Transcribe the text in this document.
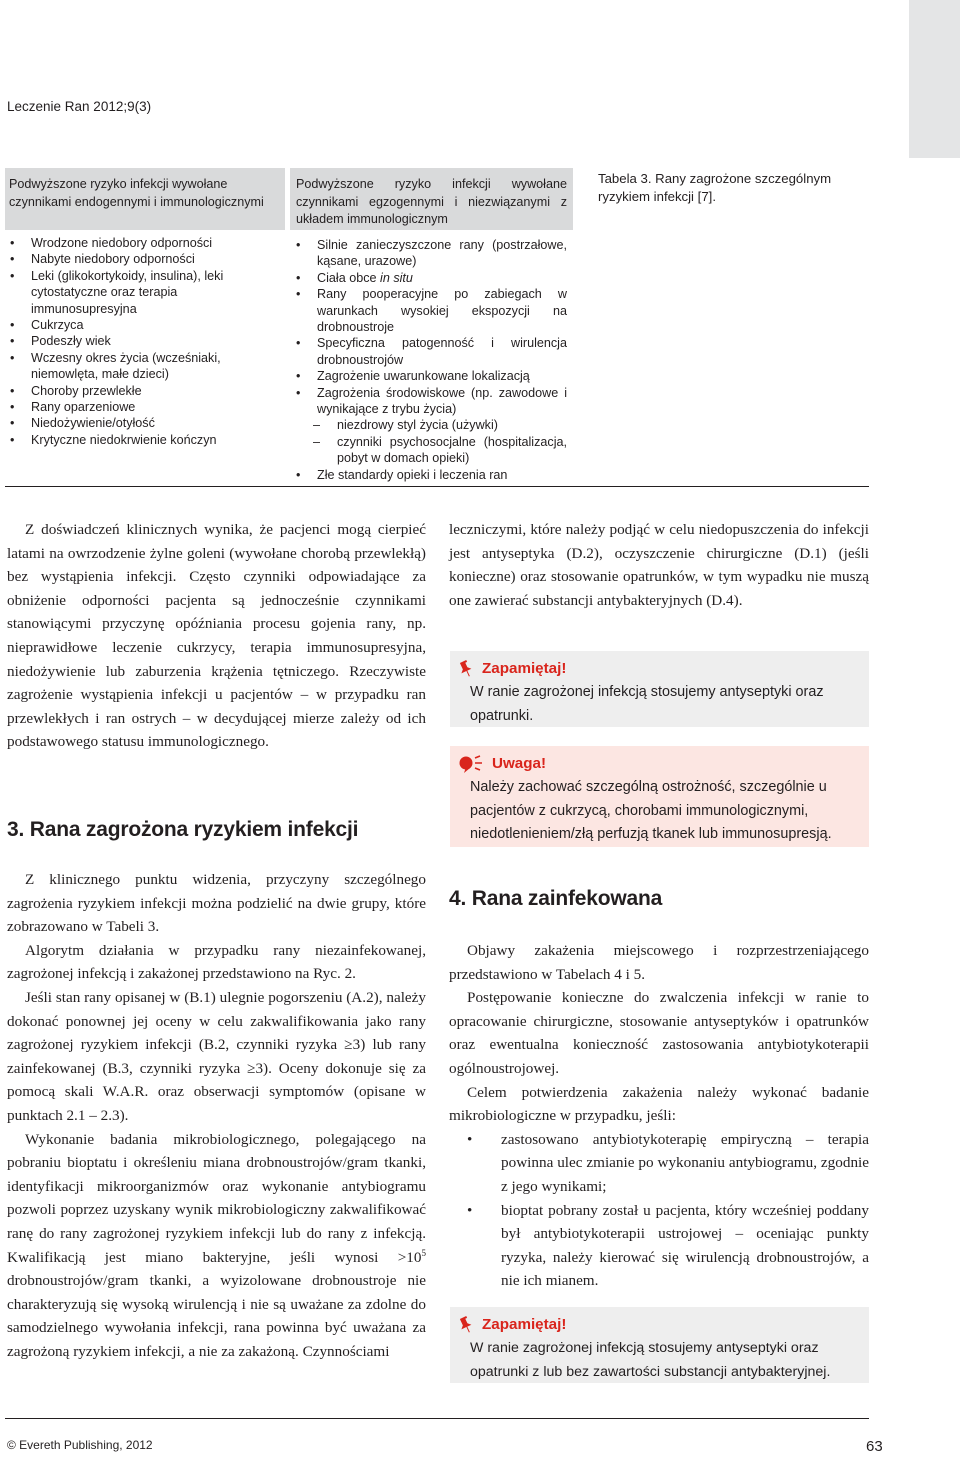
Leczenie Ran 2012;9(3)
Podwyższone ryzyko infekcji wywołane czynnikami endogennymi i immunologicznymi
Podwyższone ryzyko infekcji wywołane czynnikami egzogennymi i niezwiązanymi z układem immunologicznym
Tabela 3. Rany zagrożone szczególnym ryzykiem infekcji [7].
• Wrodzone niedobory odporności
• Nabyte niedobory odporności
• Leki (glikokortykoidy, insulina), leki cytostatyczne oraz terapia immunosupresyjna
• Cukrzyca
• Podeszły wiek
• Wczesny okres życia (wcześniaki, niemowlęta, małe dzieci)
• Choroby przewlekłe
• Rany oparzeniowe
• Niedożywienie/otyłość
• Krytyczne niedokrwienie kończyn
• Silnie zanieczyszczone rany (postrzałowe, kąsane, urazowe)
• Ciała obce in situ
• Rany pooperacyjne po zabiegach w warunkach wysokiej ekspozycji na drobnoustroje
• Specyficzna patogenność i wirulencja drobnoustrojów
• Zagrożenie uwarunkowane lokalizacją
• Zagrożenia środowiskowe (np. zawodowe i wynikające z trybu życia)
– niezdrowy styl życia (używki)
– czynniki psychosocjalne (hospitalizacja, pobyt w domach opieki)
• Złe standardy opieki i leczenia ran

Z doświadczeń klinicznych wynika, że pacjenci mogą cierpieć latami na owrzodzenie żylne goleni (wywołane chorobą przewlekłą) bez wystąpienia infekcji. Często czynniki odpowiadające za obniżenie odporności pacjenta są jednocześnie czynnikami stanowiącymi przyczynę opóźniania procesu gojenia rany, np. nieprawidłowe leczenie cukrzycy, terapia immunosupresyjna, niedożywienie lub zaburzenia krążenia tętniczego. Rzeczywiste zagrożenie wystąpienia infekcji u pacjentów – w przypadku ran przewlekłych i ran ostrych – w decydującej mierze zależy od ich podstawowego statusu immunologicznego.

3. Rana zagrożona ryzykiem infekcji

Z klinicznego punktu widzenia, przyczyny szczególnego zagrożenia ryzykiem infekcji można podzielić na dwie grupy, które zobrazowano w Tabeli 3.

Algorytm działania w przypadku rany niezainfekowanej, zagrożonej infekcją i zakażonej przedstawiono na Ryc. 2.

Jeśli stan rany opisanej w (B.1) ulegnie pogorszeniu (A.2), należy dokonać ponownej jej oceny w celu zakwalifikowania jako rany zagrożonej ryzykiem infekcji (B.2, czynniki ryzyka ≥3) lub rany zainfekowanej (B.3, czynniki ryzyka ≥3). Oceny dokonuje się za pomocą skali W.A.R. oraz obserwacji symptomów (opisane w punktach 2.1 – 2.3).

Wykonanie badania mikrobiologicznego, polegającego na pobraniu bioptatu i określeniu miana drobnoustrojów/gram tkanki, identyfikacji mikroorganizmów oraz wykonanie antybiogramu pozwoli poprzez uzyskany wynik mikrobiologiczny zakwalifikować ranę do rany zagrożonej ryzykiem infekcji lub do rany z infekcją. Kwalifikacją jest miano bakteryjne, jeśli wynosi $>10^5$ drobnoustrojów/gram tkanki, a wyizolowane drobnoustroje nie charakteryzują się wysoką wirulencją i nie są uważane za zdolne do samodzielnego wywołania infekcji, rana powinna być uważana za zagrożoną ryzykiem infekcji, a nie za zakażoną. Czynnościami

leczniczymi, które należy podjąć w celu niedopuszczenia do infekcji jest antyseptyka (D.2), oczyszczenie chirurgiczne (D.1) (jeśli konieczne) oraz stosowanie opatrunków, w tym wypadku nie muszą one zawierać substancji antybakteryjnych (D.4).

Zapamiętaj!
W ranie zagrożonej infekcją stosujemy antyseptyki oraz opatrunki.
Uwaga!
Należy zachować szczególną ostrożność, szczególnie u pacjentów z cukrzycą, chorobami immunologicznymi, niedotlenieniem/złą perfuzją tkanek lub immunosupresją.
4. Rana zainfekowana

Objawy zakażenia miejscowego i rozprzestrzeniającego przedstawiono w Tabelach 4 i 5.

Postępowanie konieczne do zwalczenia infekcji w ranie to opracowanie chirurgiczne, stosowanie antyseptyków i opatrunków oraz ewentualna konieczność zastosowania antybiotykoterapii ogólnoustrojowej.

Celem potwierdzenia zakażenia należy wykonać badanie mikrobiologiczne w przypadku, jeśli:

• zastosowano antybiotykoterapię empiryczną – terapia powinna ulec zmianie po wykonaniu antybiogramu, zgodnie z jego wynikami;
• bioptat pobrany został u pacjenta, który wcześniej poddany był antybiotykoterapii ustrojowej – oceniając punkty ryzyka, należy kierować się wirulencją drobnoustrojów, a nie ich mianem.
Zapamiętaj!
W ranie zagrożonej infekcją stosujemy antyseptyki oraz opatrunki z lub bez zawartości substancji antybakteryjnej.
© Evereth Publishing, 2012	63
